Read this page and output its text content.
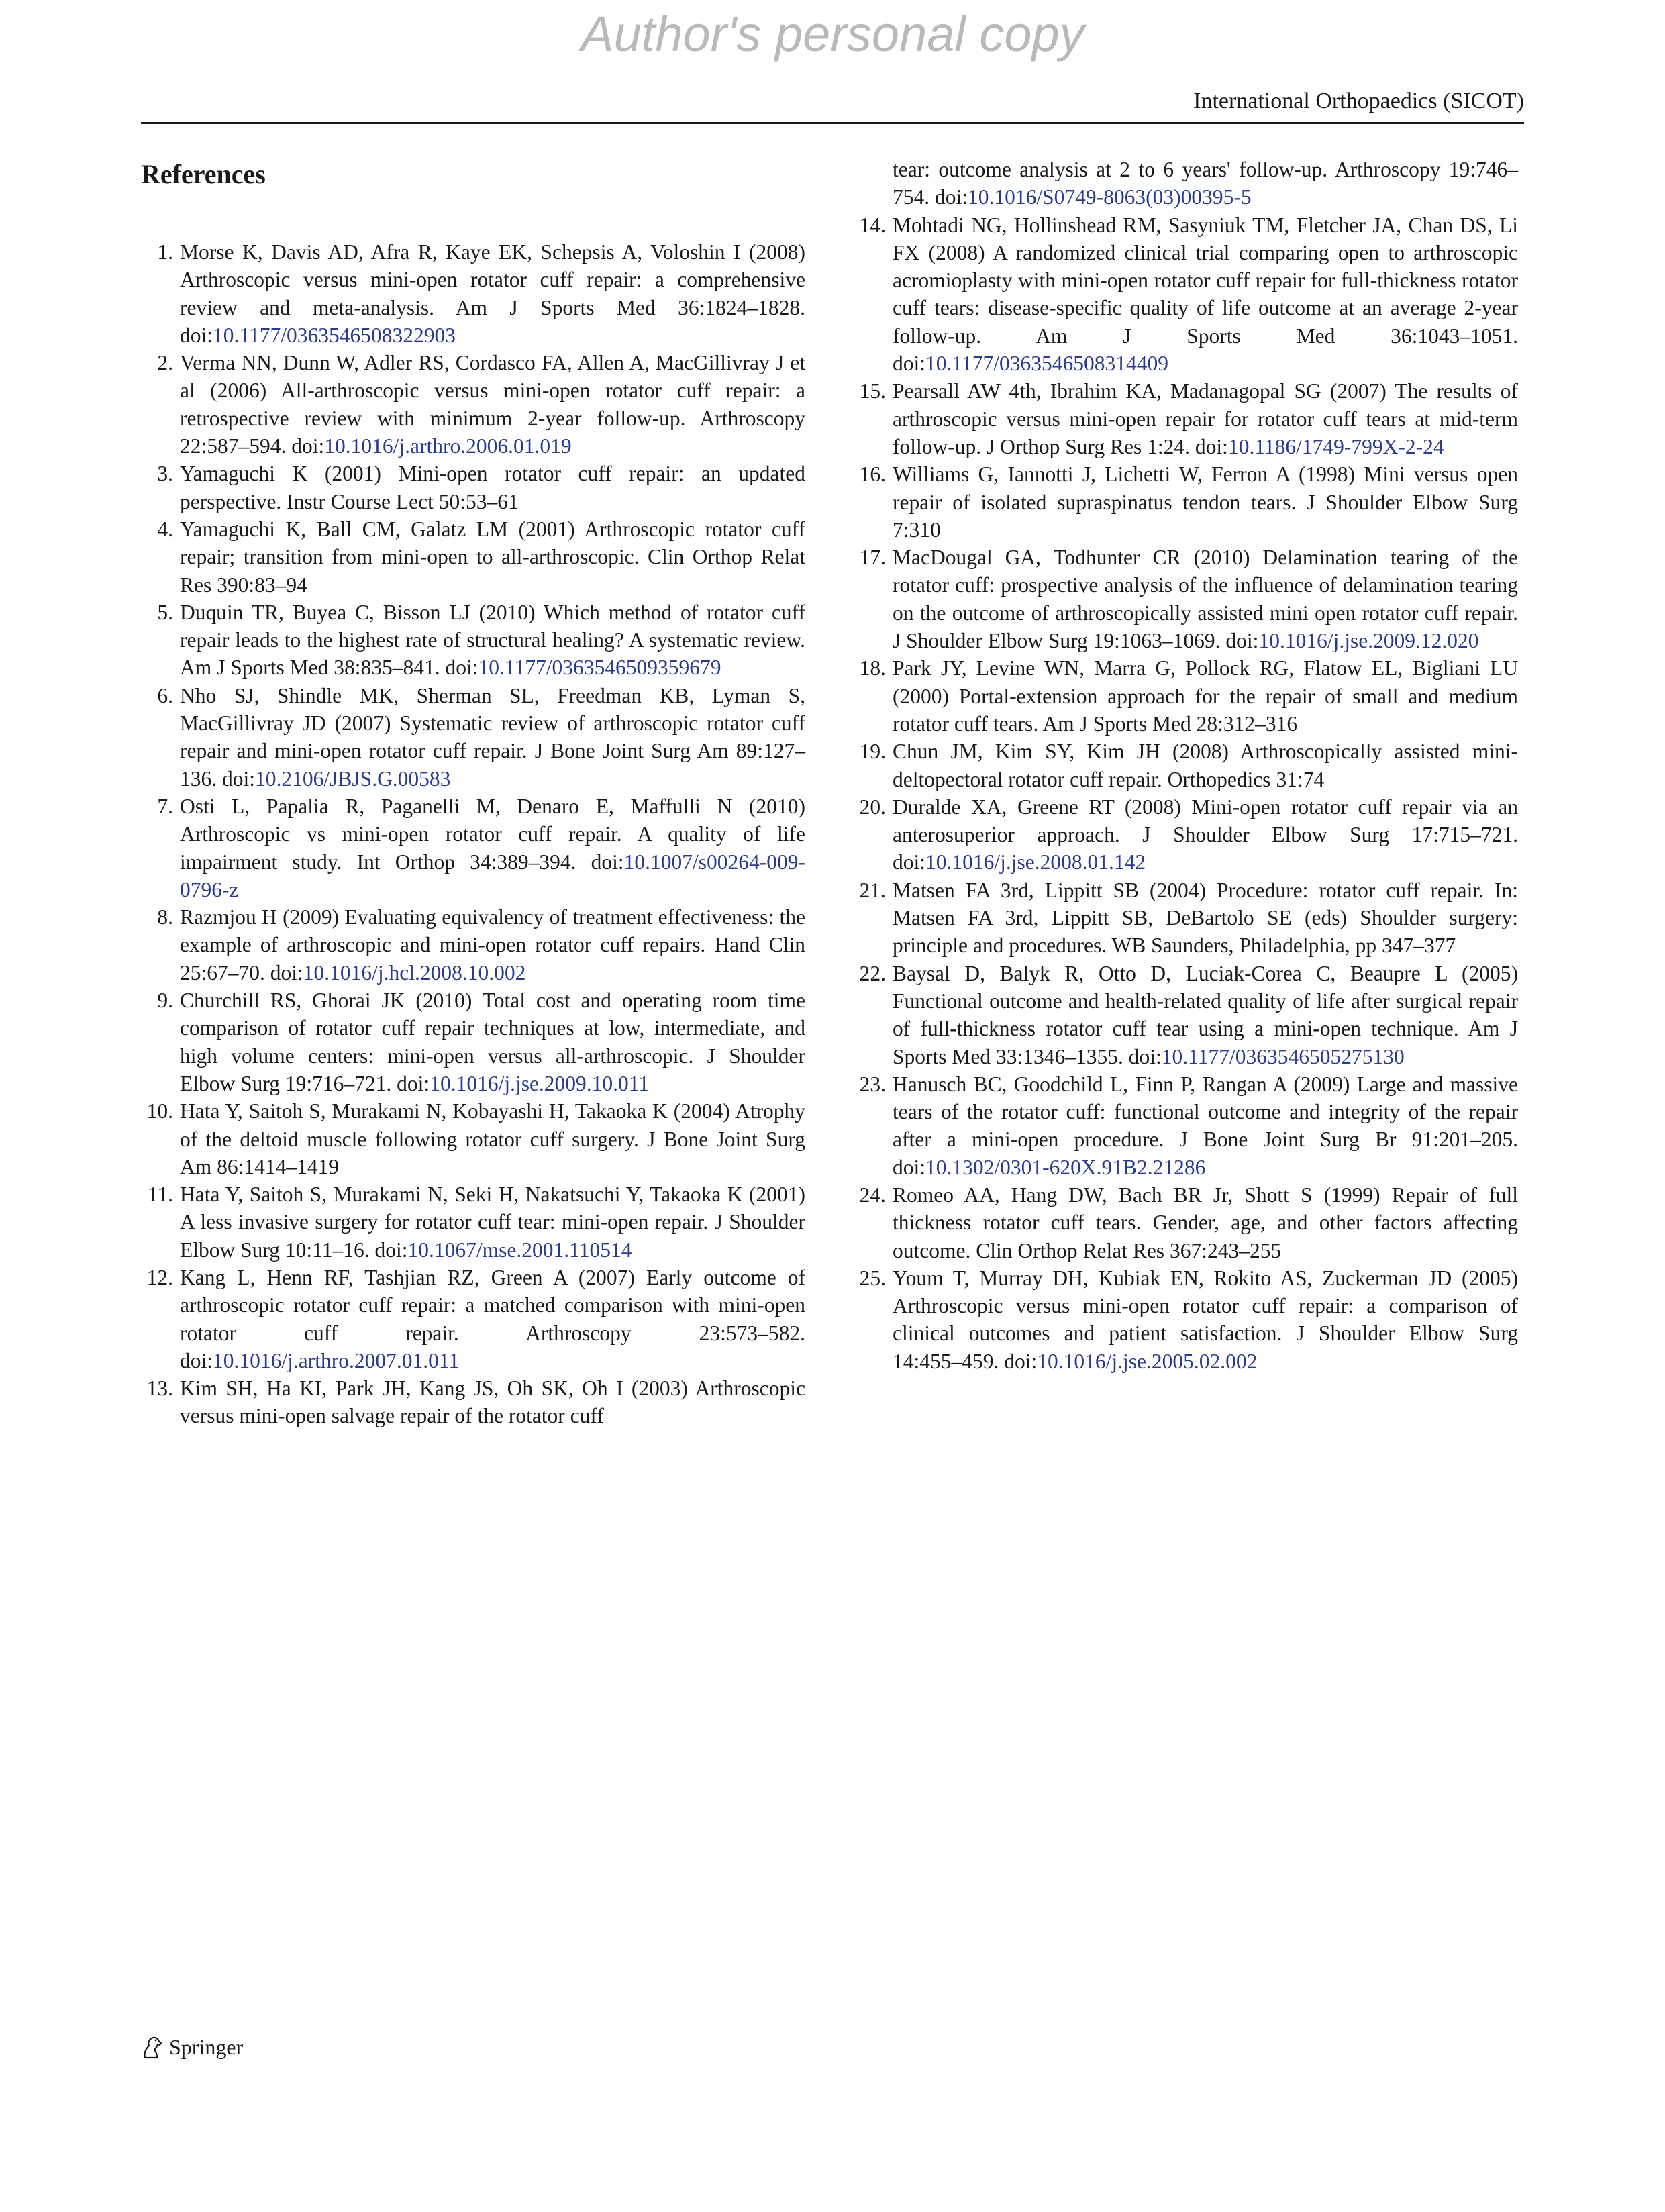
Author's personal copy
International Orthopaedics (SICOT)
References
1. Morse K, Davis AD, Afra R, Kaye EK, Schepsis A, Voloshin I (2008) Arthroscopic versus mini-open rotator cuff repair: a comprehensive review and meta-analysis. Am J Sports Med 36:1824–1828. doi:10.1177/0363546508322903
2. Verma NN, Dunn W, Adler RS, Cordasco FA, Allen A, MacGillivray J et al (2006) All-arthroscopic versus mini-open rotator cuff repair: a retrospective review with minimum 2-year follow-up. Arthroscopy 22:587–594. doi:10.1016/j.arthro.2006.01.019
3. Yamaguchi K (2001) Mini-open rotator cuff repair: an updated perspective. Instr Course Lect 50:53–61
4. Yamaguchi K, Ball CM, Galatz LM (2001) Arthroscopic rotator cuff repair; transition from mini-open to all-arthroscopic. Clin Orthop Relat Res 390:83–94
5. Duquin TR, Buyea C, Bisson LJ (2010) Which method of rotator cuff repair leads to the highest rate of structural healing? A systematic review. Am J Sports Med 38:835–841. doi:10.1177/0363546509359679
6. Nho SJ, Shindle MK, Sherman SL, Freedman KB, Lyman S, MacGillivray JD (2007) Systematic review of arthroscopic rotator cuff repair and mini-open rotator cuff repair. J Bone Joint Surg Am 89:127–136. doi:10.2106/JBJS.G.00583
7. Osti L, Papalia R, Paganelli M, Denaro E, Maffulli N (2010) Arthroscopic vs mini-open rotator cuff repair. A quality of life impairment study. Int Orthop 34:389–394. doi:10.1007/s00264-009-0796-z
8. Razmjou H (2009) Evaluating equivalency of treatment effectiveness: the example of arthroscopic and mini-open rotator cuff repairs. Hand Clin 25:67–70. doi:10.1016/j.hcl.2008.10.002
9. Churchill RS, Ghorai JK (2010) Total cost and operating room time comparison of rotator cuff repair techniques at low, intermediate, and high volume centers: mini-open versus all-arthroscopic. J Shoulder Elbow Surg 19:716–721. doi:10.1016/j.jse.2009.10.011
10. Hata Y, Saitoh S, Murakami N, Kobayashi H, Takaoka K (2004) Atrophy of the deltoid muscle following rotator cuff surgery. J Bone Joint Surg Am 86:1414–1419
11. Hata Y, Saitoh S, Murakami N, Seki H, Nakatsuchi Y, Takaoka K (2001) A less invasive surgery for rotator cuff tear: mini-open repair. J Shoulder Elbow Surg 10:11–16. doi:10.1067/mse.2001.110514
12. Kang L, Henn RF, Tashjian RZ, Green A (2007) Early outcome of arthroscopic rotator cuff repair: a matched comparison with mini-open rotator cuff repair. Arthroscopy 23:573–582. doi:10.1016/j.arthro.2007.01.011
13. Kim SH, Ha KI, Park JH, Kang JS, Oh SK, Oh I (2003) Arthroscopic versus mini-open salvage repair of the rotator cuff
tear: outcome analysis at 2 to 6 years' follow-up. Arthroscopy 19:746–754. doi:10.1016/S0749-8063(03)00395-5
14. Mohtadi NG, Hollinshead RM, Sasyniuk TM, Fletcher JA, Chan DS, Li FX (2008) A randomized clinical trial comparing open to arthroscopic acromioplasty with mini-open rotator cuff repair for full-thickness rotator cuff tears: disease-specific quality of life outcome at an average 2-year follow-up. Am J Sports Med 36:1043–1051. doi:10.1177/0363546508314409
15. Pearsall AW 4th, Ibrahim KA, Madanagopal SG (2007) The results of arthroscopic versus mini-open repair for rotator cuff tears at mid-term follow-up. J Orthop Surg Res 1:24. doi:10.1186/1749-799X-2-24
16. Williams G, Iannotti J, Lichetti W, Ferron A (1998) Mini versus open repair of isolated supraspinatus tendon tears. J Shoulder Elbow Surg 7:310
17. MacDougal GA, Todhunter CR (2010) Delamination tearing of the rotator cuff: prospective analysis of the influence of delamination tearing on the outcome of arthroscopically assisted mini open rotator cuff repair. J Shoulder Elbow Surg 19:1063–1069. doi:10.1016/j.jse.2009.12.020
18. Park JY, Levine WN, Marra G, Pollock RG, Flatow EL, Bigliani LU (2000) Portal-extension approach for the repair of small and medium rotator cuff tears. Am J Sports Med 28:312–316
19. Chun JM, Kim SY, Kim JH (2008) Arthroscopically assisted mini-deltopectoral rotator cuff repair. Orthopedics 31:74
20. Duralde XA, Greene RT (2008) Mini-open rotator cuff repair via an anterosuperior approach. J Shoulder Elbow Surg 17:715–721. doi:10.1016/j.jse.2008.01.142
21. Matsen FA 3rd, Lippitt SB (2004) Procedure: rotator cuff repair. In: Matsen FA 3rd, Lippitt SB, DeBartolo SE (eds) Shoulder surgery: principle and procedures. WB Saunders, Philadelphia, pp 347–377
22. Baysal D, Balyk R, Otto D, Luciak-Corea C, Beaupre L (2005) Functional outcome and health-related quality of life after surgical repair of full-thickness rotator cuff tear using a mini-open technique. Am J Sports Med 33:1346–1355. doi:10.1177/0363546505275130
23. Hanusch BC, Goodchild L, Finn P, Rangan A (2009) Large and massive tears of the rotator cuff: functional outcome and integrity of the repair after a mini-open procedure. J Bone Joint Surg Br 91:201–205. doi:10.1302/0301-620X.91B2.21286
24. Romeo AA, Hang DW, Bach BR Jr, Shott S (1999) Repair of full thickness rotator cuff tears. Gender, age, and other factors affecting outcome. Clin Orthop Relat Res 367:243–255
25. Youm T, Murray DH, Kubiak EN, Rokito AS, Zuckerman JD (2005) Arthroscopic versus mini-open rotator cuff repair: a comparison of clinical outcomes and patient satisfaction. J Shoulder Elbow Surg 14:455–459. doi:10.1016/j.jse.2005.02.002
Springer
